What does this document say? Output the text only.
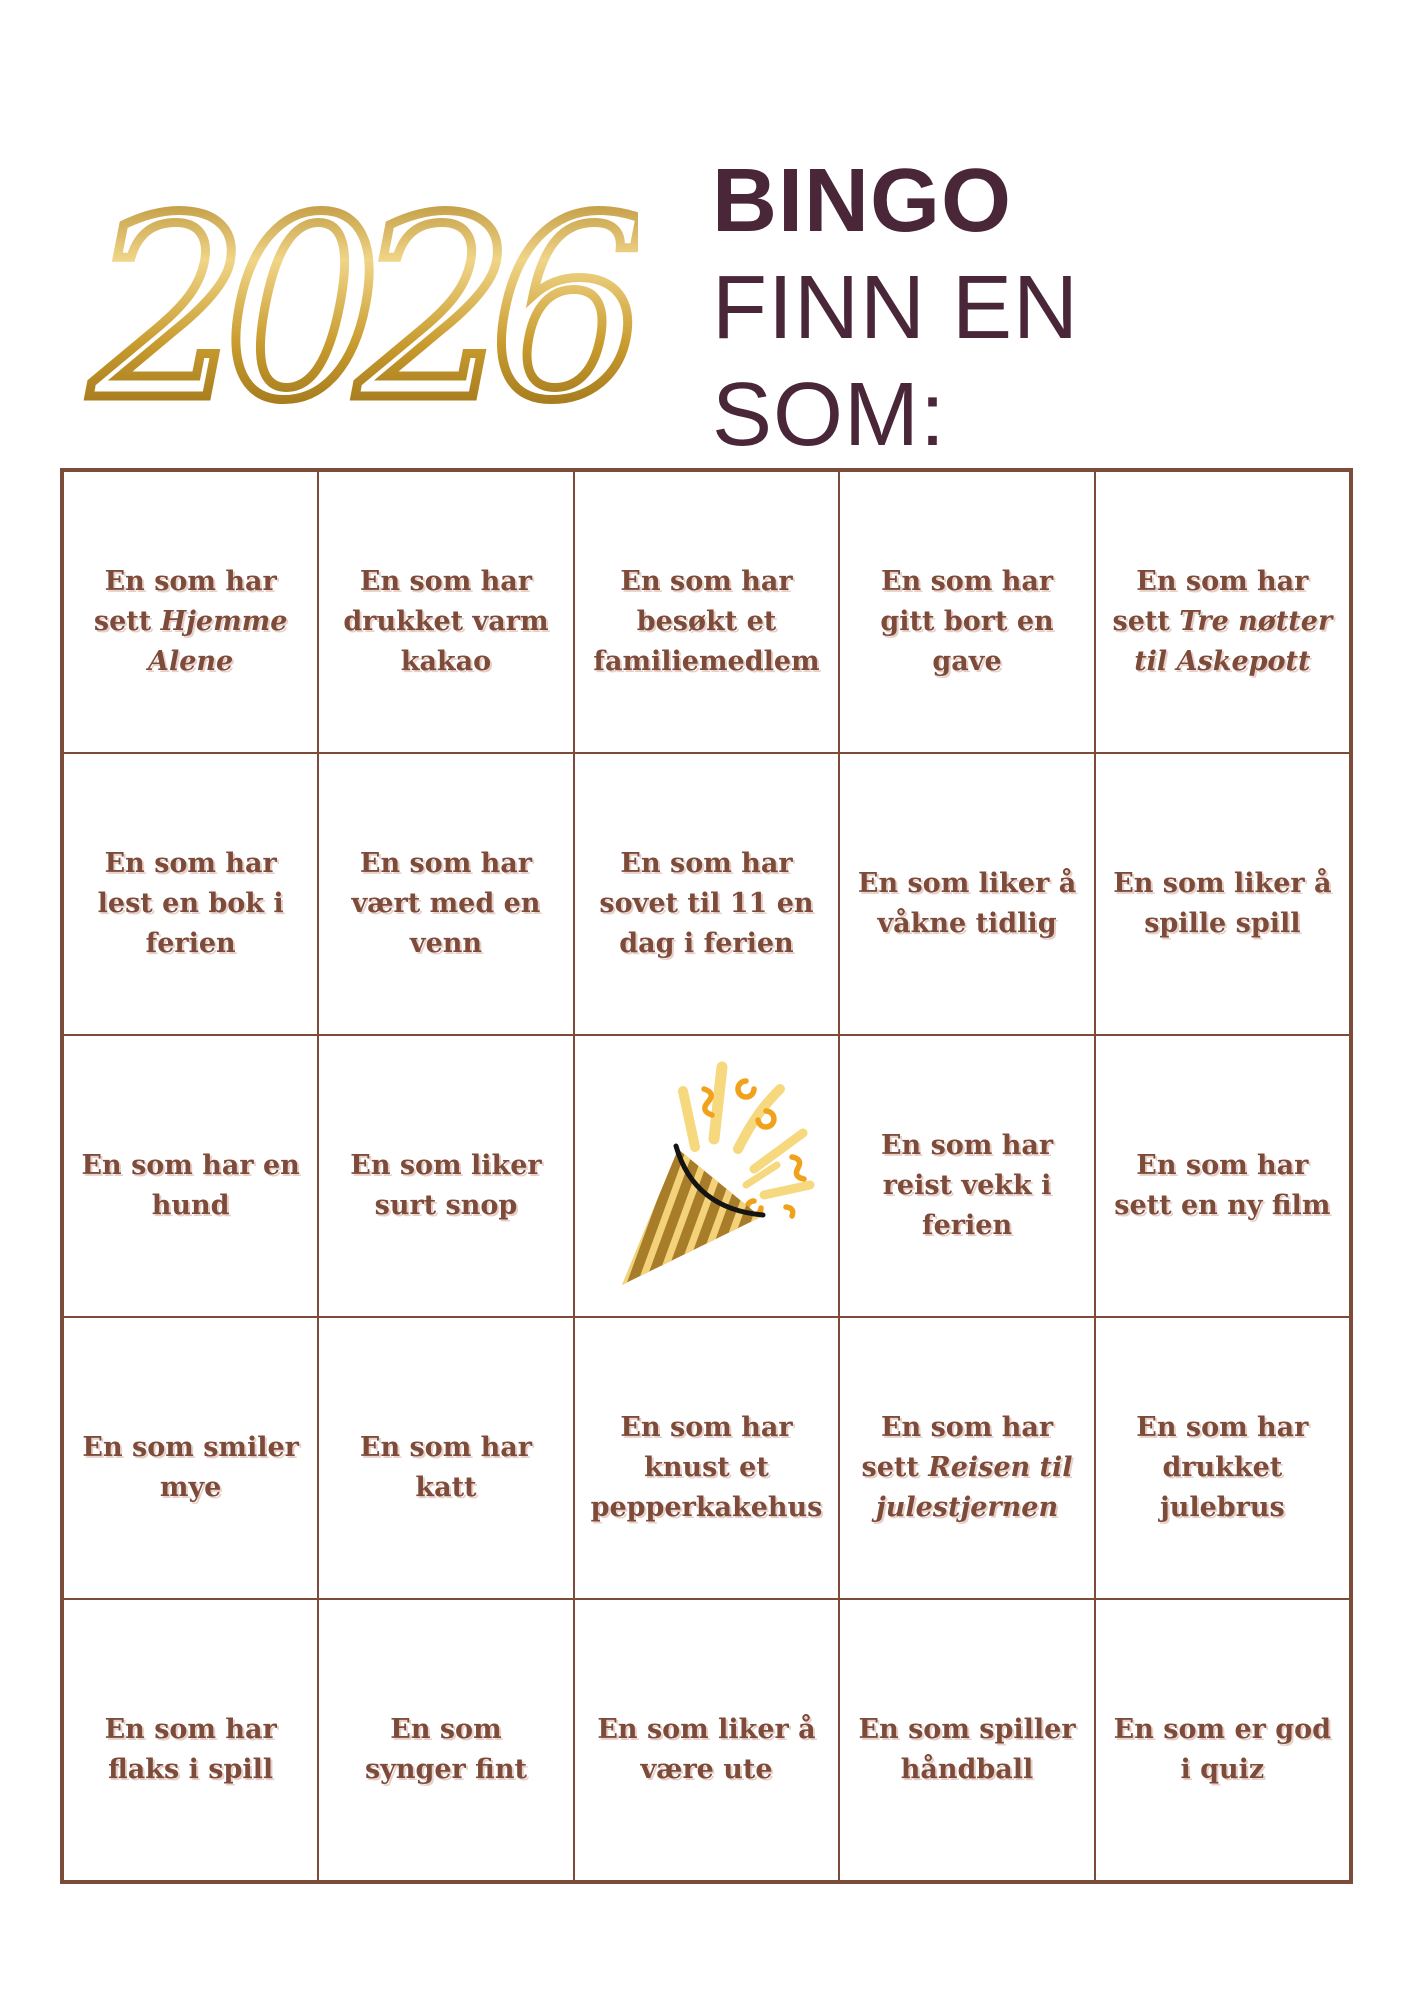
2026 BINGO
FINN EN
SOM:
En som har sett Hjemme Alene
En som har drukket varm kakao
En som har besøkt et familiemedlem
En som har gitt bort en gave
En som har sett Tre nøtter til Askepott
En som har lest en bok i ferien
En som har vært med en venn
En som har sovet til 11 en dag i ferien
En som liker å våkne tidlig
En som liker å spille spill
En som har en hund
En som liker surt snop
En som har reist vekk i ferien
En som har sett en ny film
En som smiler mye
En som har katt
En som har knust et pepperkakehus
En som har sett Reisen til julestjernen
En som har drukket julebrus
En som har flaks i spill
En som synger fint
En som liker å være ute
En som spiller håndball
En som er god i quiz
